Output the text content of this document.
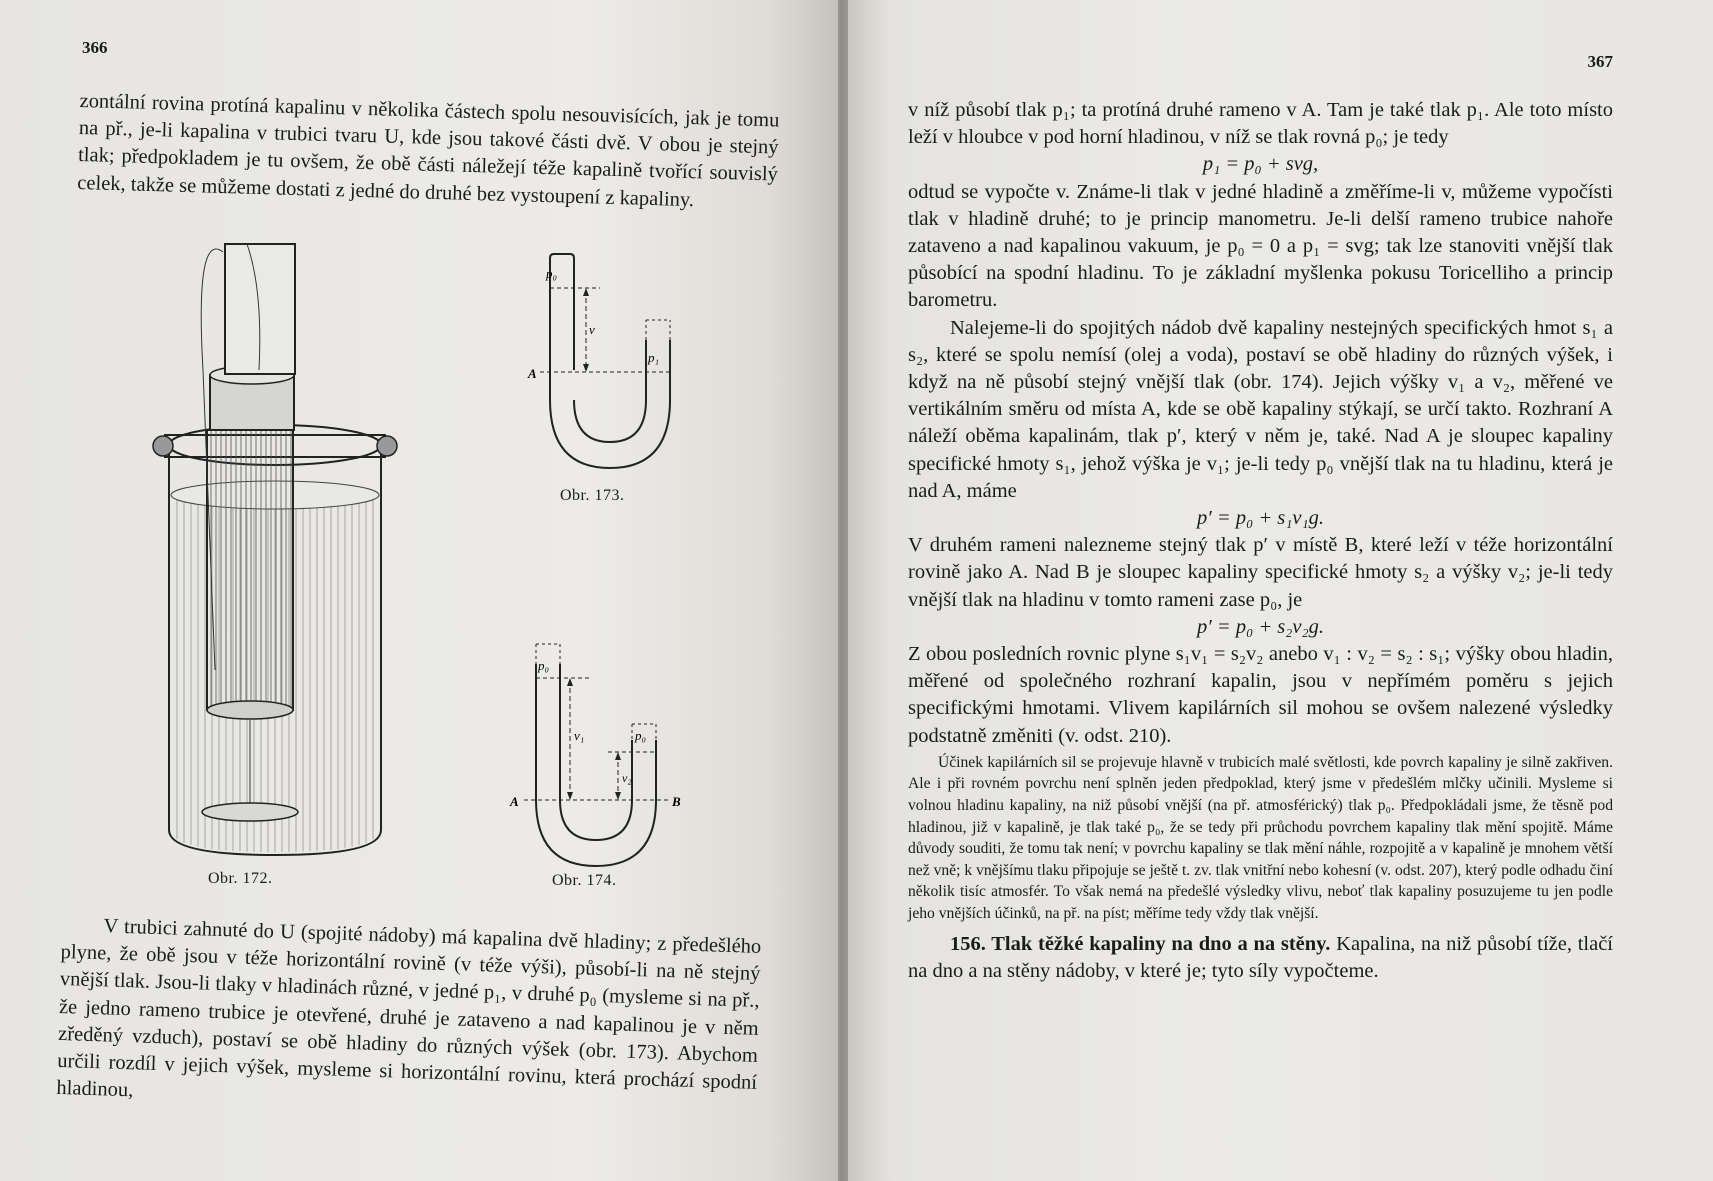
366

zontální rovina protíná kapalinu v několika částech spolu nesouvisících, jak je tomu na př., je-li kapalina v trubici tvaru U, kde jsou takové části dvě. V obou je stejný tlak; předpokladem je tu ovšem, že obě části náležejí téže kapalině tvořící souvislý celek, takže se můžeme dostati z jedné do druhé bez vystoupení z kapaliny.

Obr. 172.
p₀
v
p₁
A
Obr. 173.
p₀
v₁
v₂
p₀
A	B
Obr. 174.

V trubici zahnuté do U (spojité nádoby) má kapalina dvě hladiny; z předešlého plyne, že obě jsou v téže horizontální rovině (v téže výši), působí-li na ně stejný vnější tlak. Jsou-li tlaky v hladinách různé, v jedné p₁, v druhé p₀ (mysleme si na př., že jedno rameno trubice je otevřené, druhé je zataveno a nad kapalinou je v něm zředěný vzduch), postaví se obě hladiny do různých výšek (obr. 173). Abychom určili rozdíl v jejich výšek, mysleme si horizontální rovinu, která prochází spodní hladinou,

367

v níž působí tlak p₁; ta protíná druhé rameno v A. Tam je také tlak p₁. Ale toto místo leží v hloubce v pod horní hladinou, v níž se tlak rovná p₀; je tedy

p₁ = p₀ + svg,

odtud se vypočte v. Známe-li tlak v jedné hladině a změříme-li v, můžeme vypočísti tlak v hladině druhé; to je princip manometru. Je-li delší rameno trubice nahoře zataveno a nad kapalinou vakuum, je p₀ = 0 a p₁ = svg; tak lze stanoviti vnější tlak působící na spodní hladinu. To je základní myšlenka pokusu Toricelliho a princip barometru.

Nalejeme-li do spojitých nádob dvě kapaliny nestejných specifických hmot s₁ a s₂, které se spolu nemísí (olej a voda), postaví se obě hladiny do různých výšek, i když na ně působí stejný vnější tlak (obr. 174). Jejich výšky v₁ a v₂, měřené ve vertikálním směru od místa A, kde se obě kapaliny stýkají, se určí takto. Rozhraní A náleží oběma kapalinám, tlak p′, který v něm je, také. Nad A je sloupec kapaliny specifické hmoty s₁, jehož výška je v₁; je-li tedy p₀ vnější tlak na tu hladinu, která je nad A, máme

p′ = p₀ + s₁v₁g.

V druhém rameni nalezneme stejný tlak p′ v místě B, které leží v téže horizontální rovině jako A. Nad B je sloupec kapaliny specifické hmoty s₂ a výšky v₂; je-li tedy vnější tlak na hladinu v tomto rameni zase p₀, je

p′ = p₀ + s₂v₂g.

Z obou posledních rovnic plyne s₁v₁ = s₂v₂ anebo v₁ : v₂ = s₂ : s₁; výšky obou hladin, měřené od společného rozhraní kapalin, jsou v nepřímém poměru s jejich specifickými hmotami. Vlivem kapilárních sil mohou se ovšem nalezené výsledky podstatně změniti (v. odst. 210).

Účinek kapilárních sil se projevuje hlavně v trubicích malé světlosti, kde povrch kapaliny je silně zakřiven. Ale i při rovném povrchu není splněn jeden předpoklad, který jsme v předešlém mlčky učinili. Mysleme si volnou hladinu kapaliny, na niž působí vnější (na př. atmosférický) tlak p₀. Předpokládali jsme, že těsně pod hladinou, již v kapalině, je tlak také p₀, že se tedy při průchodu povrchem kapaliny tlak mění spojitě. Máme důvody souditi, že tomu tak není; v povrchu kapaliny se tlak mění náhle, rozpojitě a v kapalině je mnohem větší než vně; k vnějšímu tlaku připojuje se ještě t. zv. tlak vnitřní nebo kohesní (v. odst. 207), který podle odhadu činí několik tisíc atmosfér. To však nemá na předešlé výsledky vlivu, neboť tlak kapaliny posuzujeme tu jen podle jeho vnějších účinků, na př. na píst; měříme tedy vždy tlak vnější.

156. Tlak těžké kapaliny na dno a na stěny. Kapalina, na niž působí tíže, tlačí na dno a na stěny nádoby, v které je; tyto síly vypočteme.
